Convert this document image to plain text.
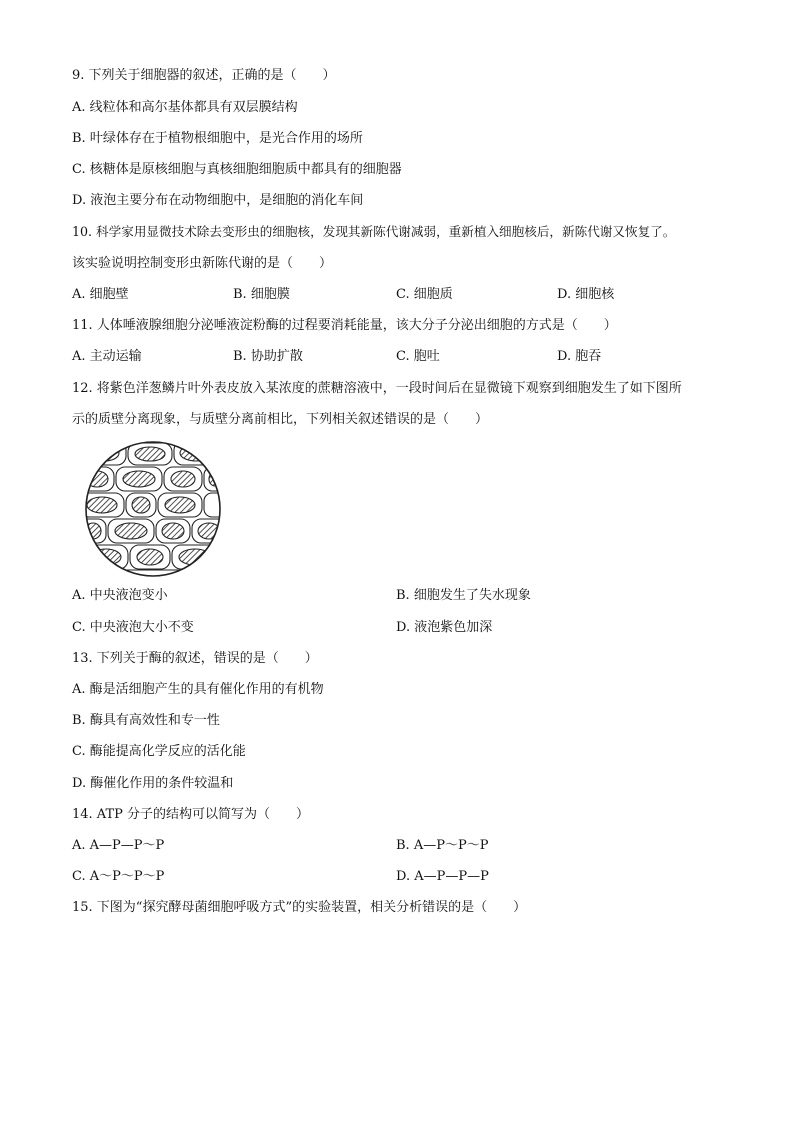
9. 下列关于细胞器的叙述，正确的是（　　）
A. 线粒体和高尔基体都具有双层膜结构
B. 叶绿体存在于植物根细胞中，是光合作用的场所
C. 核糖体是原核细胞与真核细胞细胞质中都具有的细胞器
D. 液泡主要分布在动物细胞中，是细胞的消化车间
10. 科学家用显微技术除去变形虫的细胞核，发现其新陈代谢减弱，重新植入细胞核后，新陈代谢又恢复了。
该实验说明控制变形虫新陈代谢的是（　　）
A. 细胞壁	B. 细胞膜	C. 细胞质	D. 细胞核
11. 人体唾液腺细胞分泌唾液淀粉酶的过程要消耗能量，该大分子分泌出细胞的方式是（　　）
A. 主动运输	B. 协助扩散	C. 胞吐	D. 胞吞
12. 将紫色洋葱鳞片叶外表皮放入某浓度的蔗糖溶液中，一段时间后在显微镜下观察到细胞发生了如下图所
示的质壁分离现象，与质壁分离前相比，下列相关叙述错误的是（　　）
A. 中央液泡变小	B. 细胞发生了失水现象
C. 中央液泡大小不变	D. 液泡紫色加深
13. 下列关于酶的叙述，错误的是（　　）
A. 酶是活细胞产生的具有催化作用的有机物
B. 酶具有高效性和专一性
C. 酶能提高化学反应的活化能
D. 酶催化作用的条件较温和
14. ATP 分子的结构可以简写为（　　）
A. A—P—P～P	B. A—P～P～P
C. A～P～P～P	D. A—P—P—P
15. 下图为“探究酵母菌细胞呼吸方式”的实验装置，相关分析错误的是（　　）
